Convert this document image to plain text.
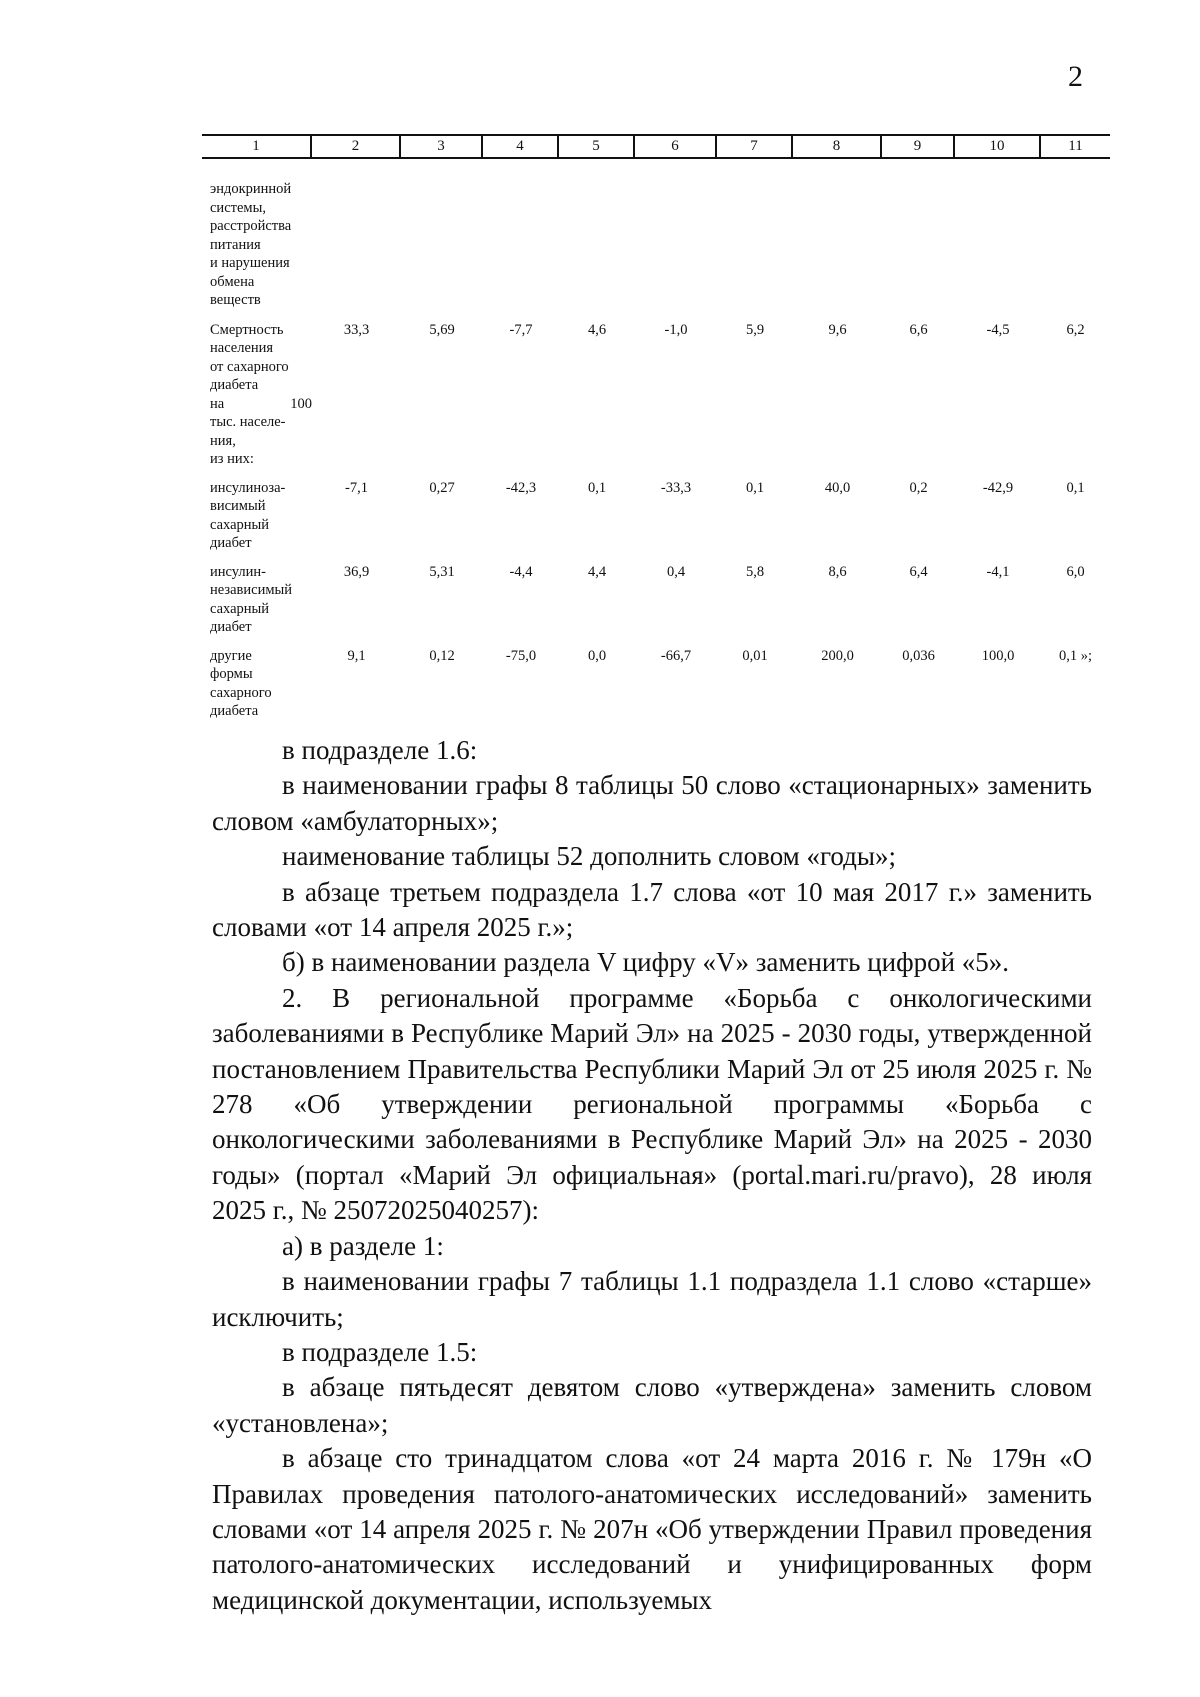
2
1	2	3	4	5	6	7	8	9	10	11
эндокринной
системы,
расстройства
питания
и нарушения
обмена
веществ
Смертность
населения
от сахарного
диабета
на	100
тыс. населе-
ния,
из них:
33,3	5,69	-7,7	4,6	-1,0	5,9	9,6	6,6	-4,5	6,2
инсулиноза-
висимый
сахарный
диабет
-7,1	0,27	-42,3	0,1	-33,3	0,1	40,0	0,2	-42,9	0,1
инсулин-
независимый
сахарный
диабет
36,9	5,31	-4,4	4,4	0,4	5,8	8,6	6,4	-4,1	6,0
другие
формы
сахарного
диабета
9,1	0,12	-75,0	0,0	-66,7	0,01	200,0	0,036	100,0	0,1 »;

в подразделе 1.6:

в наименовании графы 8 таблицы 50 слово «стационарных» заменить словом «амбулаторных»;

наименование таблицы 52 дополнить словом «годы»;

в абзаце третьем подраздела 1.7 слова «от 10 мая 2017 г.» заменить словами «от 14 апреля 2025 г.»;

б) в наименовании раздела V цифру «V» заменить цифрой «5».

2. В региональной программе «Борьба с онкологическими заболеваниями в Республике Марий Эл» на 2025 - 2030 годы, утвержденной постановлением Правительства Республики Марий Эл от 25 июля 2025 г. № 278 «Об утверждении региональной программы «Борьба с онкологическими заболеваниями в Республике Марий Эл» на 2025 - 2030 годы» (портал «Марий Эл официальная» (portal.mari.ru/pravo), 28 июля 2025 г., № 25072025040257):

а) в разделе 1:

в наименовании графы 7 таблицы 1.1 подраздела 1.1 слово «старше» исключить;

в подразделе 1.5:

в абзаце пятьдесят девятом слово «утверждена» заменить словом «установлена»;

в абзаце сто тринадцатом слова «от 24 марта 2016 г. № 179н «О Правилах проведения патолого-анатомических исследований» заменить словами «от 14 апреля 2025 г. № 207н «Об утверждении Правил проведения патолого-анатомических исследований и унифицированных форм медицинской документации, используемых
